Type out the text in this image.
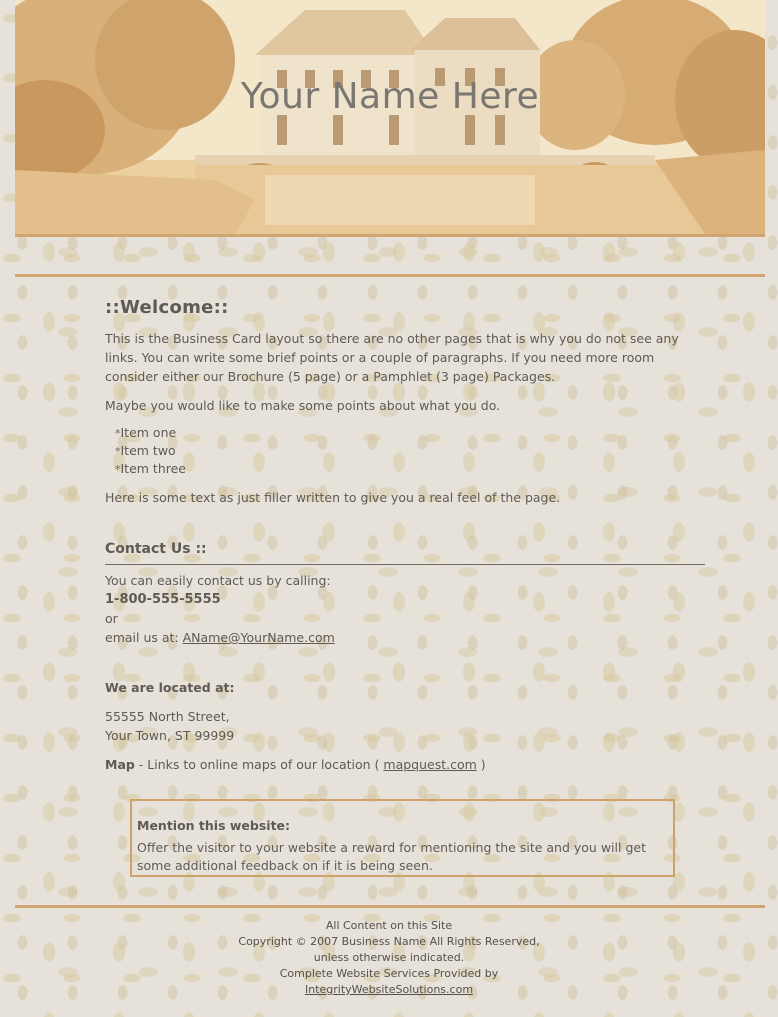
Your Name Here
::Welcome::

This is the Business Card layout so there are no other pages that is why you do not see any links. You can write some brief points or a couple of paragraphs. If you need more room consider either our Brochure (5 page) or a Pamphlet (3 page) Packages.

Maybe you would like to make some points about what you do.

*Item one
*Item two
*Item three

Here is some text as just filler written to give you a real feel of the page.

Contact Us ::

You can easily contact us by calling:

1-800-555-5555

or

email us at: AName@YourName.com

We are located at:

55555 North Street,

Your Town, ST 99999

Map - Links to online maps of our location ( mapquest.com )

Mention this website:
Offer the visitor to your website a reward for mentioning the site and you will get some additional feedback on if it is being seen.
All Content on this Site
Copyright © 2007 Business Name All Rights Reserved,
unless otherwise indicated.
Complete Website Services Provided by
IntegrityWebsiteSolutions.com
